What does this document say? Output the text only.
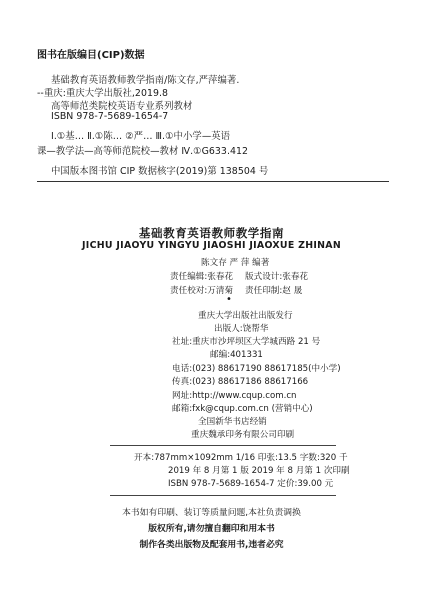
图书在版编目(CIP)数据
基础教育英语教师教学指南/陈文存,严萍编著.
--重庆:重庆大学出版社,2019.8
高等师范类院校英语专业系列教材
ISBN 978-7-5689-1654-7
Ⅰ.①基… Ⅱ.①陈… ②严… Ⅲ.①中小学—英语
课—教学法—高等师范院校—教材 Ⅳ.①G633.412
中国版本图书馆 CIP 数据核字(2019)第 138504 号
基础教育英语教师教学指南
JICHU JIAOYU YINGYU JIAOSHI JIAOXUE ZHINAN
陈文存 严 萍 编著
责任编辑:张春花 版式设计:张春花
责任校对:万清菊 责任印制:赵 晟
•
重庆大学出版社出版发行
出版人:饶帮华
社址:重庆市沙坪坝区大学城西路 21 号
邮编:401331
电话:(023) 88617190 88617185(中小学)
传真:(023) 88617186 88617166
网址:http://www.cqup.com.cn
邮箱:fxk@cqup.com.cn (营销中心)
全国新华书店经销
重庆魏承印务有限公司印刷
开本:787mm×1092mm 1/16 印张:13.5 字数:320 千
2019 年 8 月第 1 版 2019 年 8 月第 1 次印刷
ISBN 978-7-5689-1654-7 定价:39.00 元
本书如有印刷、装订等质量问题,本社负责调换
版权所有,请勿擅自翻印和用本书
制作各类出版物及配套用书,违者必究
